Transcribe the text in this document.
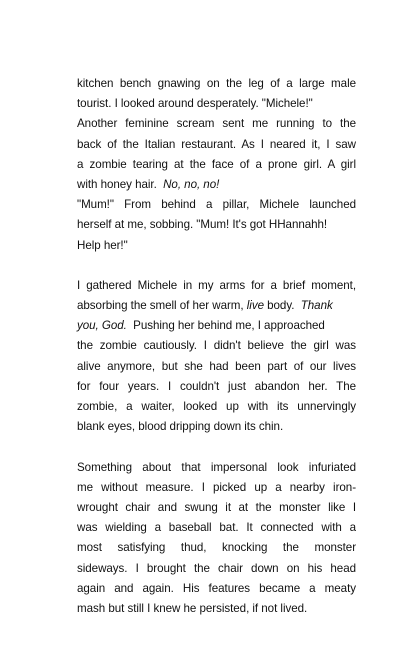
kitchen bench gnawing on the leg of a large male
tourist. I looked around desperately. "Michele!"
Another feminine scream sent me running to the
back of the Italian restaurant. As I neared it, I saw
a zombie tearing at the face of a prone girl. A girl
with honey hair. No, no, no!
"Mum!" From behind a pillar, Michele launched
herself at me, sobbing. "Mum! It's got HHannahh!
Help her!"
I gathered Michele in my arms for a brief moment,
absorbing the smell of her warm, live body. Thank
you, God. Pushing her behind me, I approached
the zombie cautiously. I didn't believe the girl was
alive anymore, but she had been part of our lives
for four years. I couldn't just abandon her. The
zombie, a waiter, looked up with its unnervingly
blank eyes, blood dripping down its chin.
Something about that impersonal look infuriated
me without measure. I picked up a nearby iron-
wrought chair and swung it at the monster like I
was wielding a baseball bat. It connected with a
most satisfying thud, knocking the monster
sideways. I brought the chair down on his head
again and again. His features became a meaty
mash but still I knew he persisted, if not lived.
